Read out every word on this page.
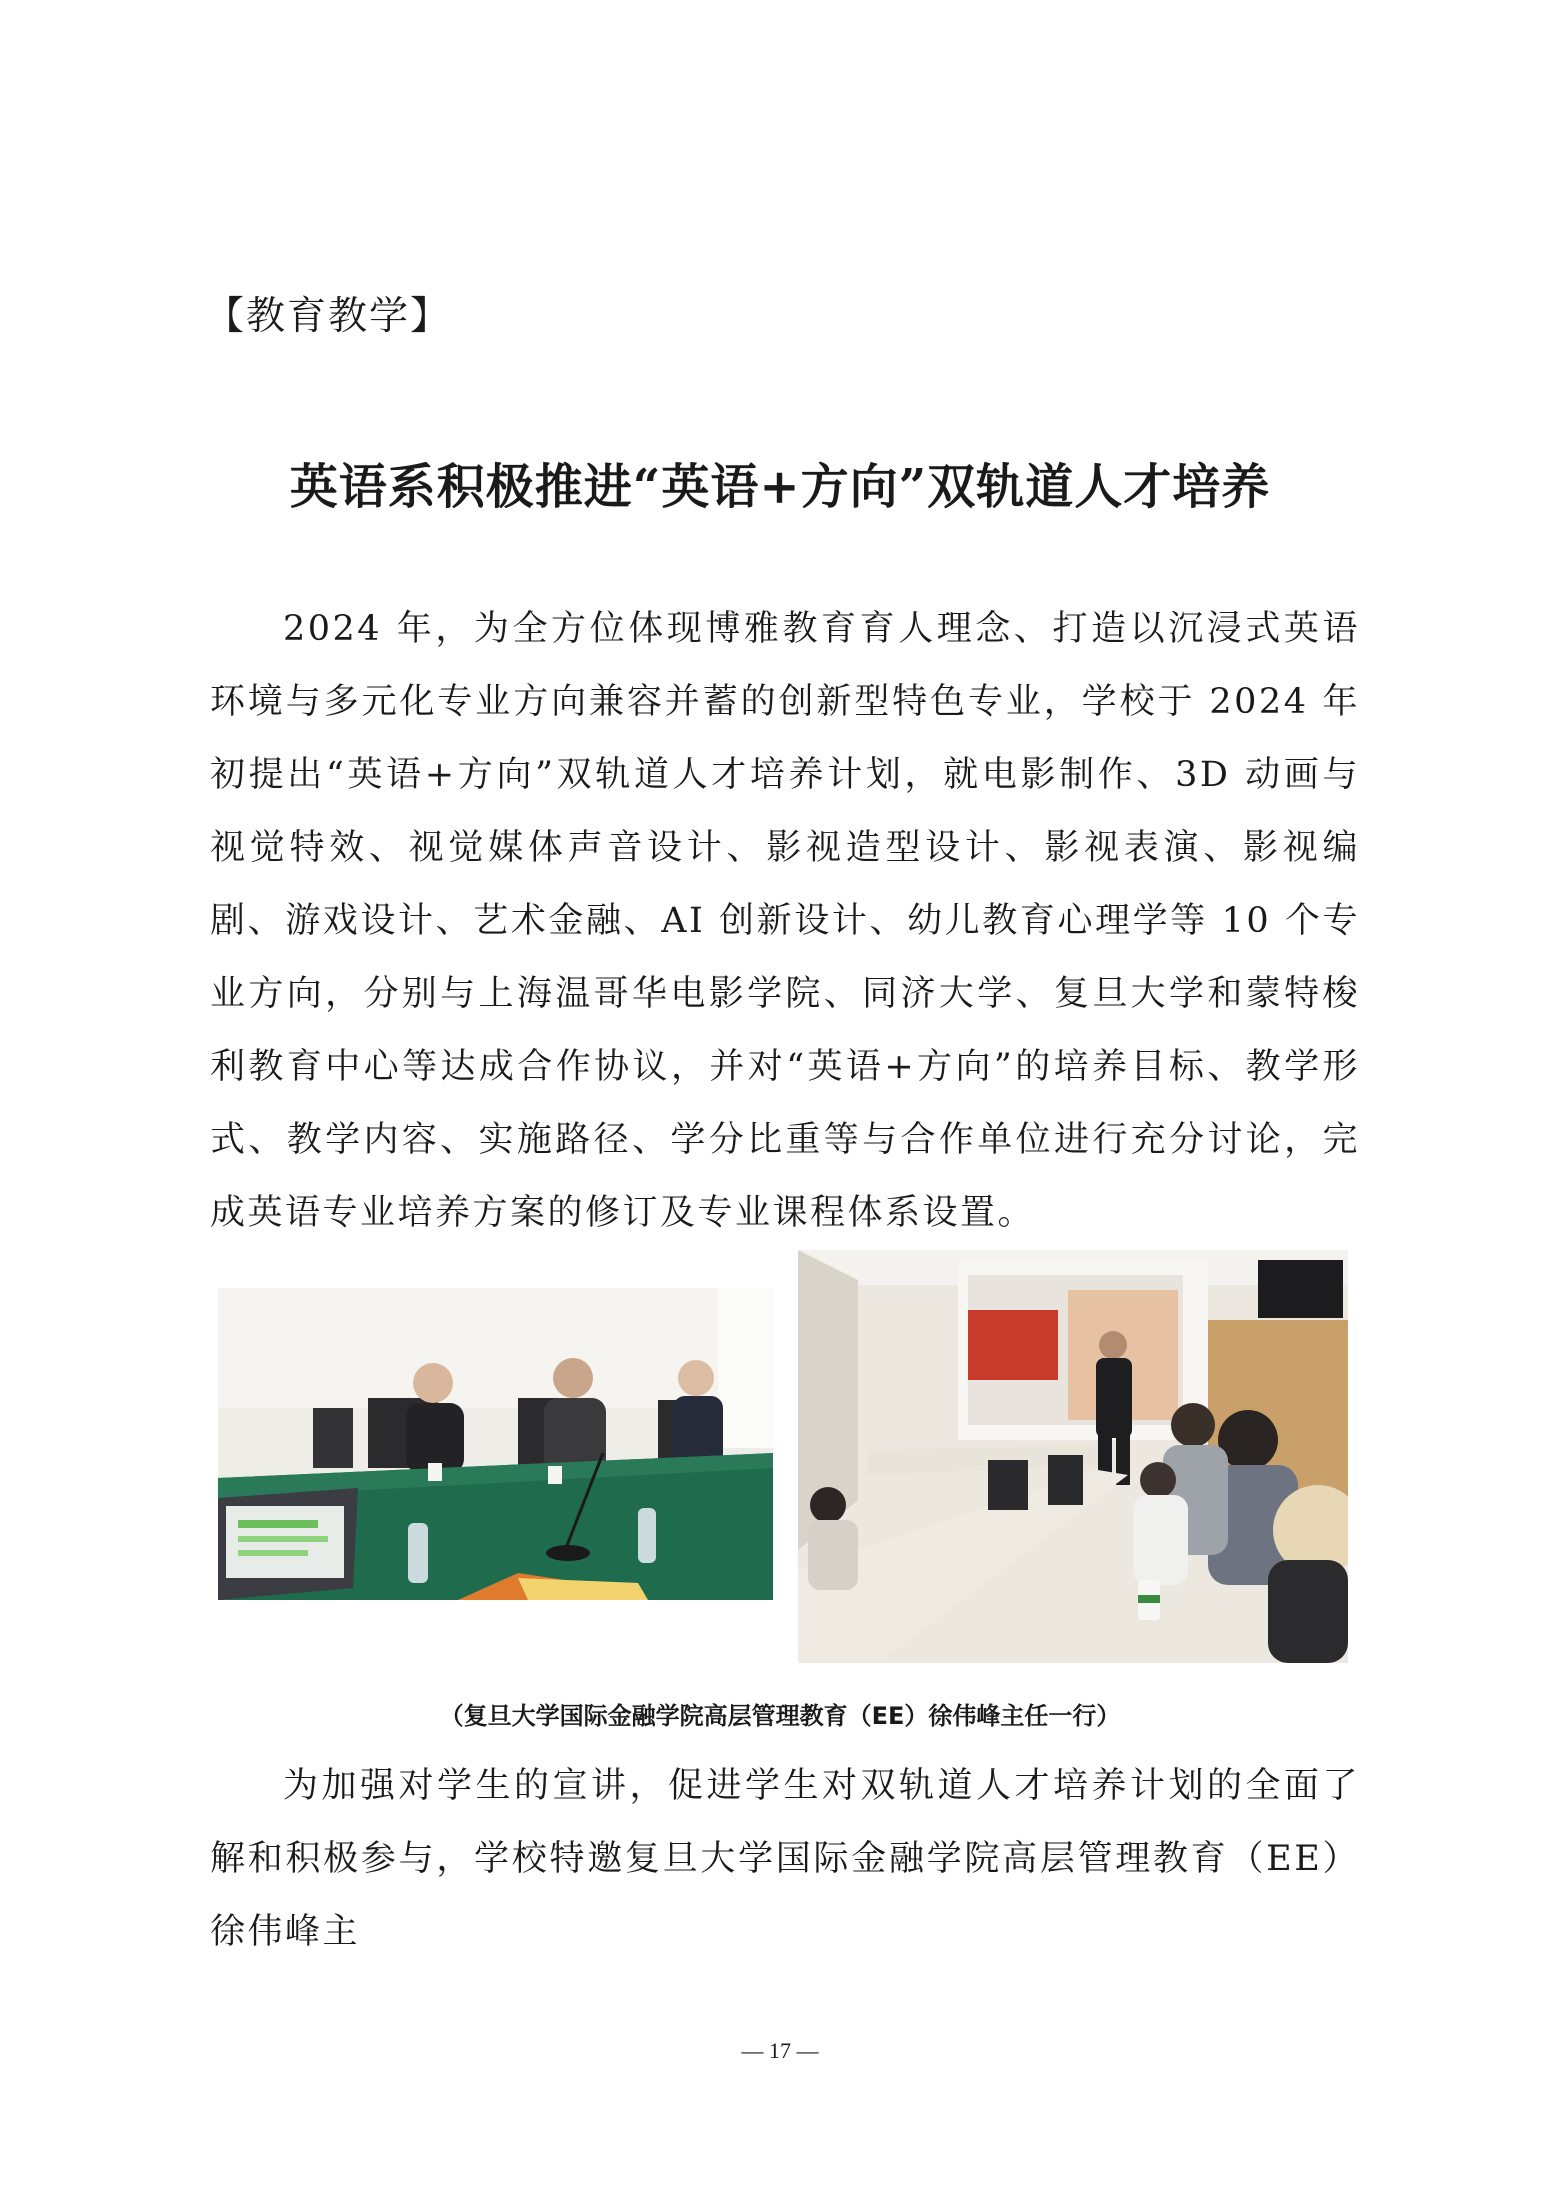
【教育教学】
英语系积极推进“英语+方向”双轨道人才培养

2024 年，为全方位体现博雅教育育人理念、打造以沉浸式英语环境与多元化专业方向兼容并蓄的创新型特色专业，学校于 2024 年初提出“英语+方向”双轨道人才培养计划，就电影制作、3D 动画与视觉特效、视觉媒体声音设计、影视造型设计、影视表演、影视编剧、游戏设计、艺术金融、AI 创新设计、幼儿教育心理学等 10 个专业方向，分别与上海温哥华电影学院、同济大学、复旦大学和蒙特梭利教育中心等达成合作协议，并对“英语+方向”的培养目标、教学形式、教学内容、实施路径、学分比重等与合作单位进行充分讨论，完成英语专业培养方案的修订及专业课程体系设置。

（复旦大学国际金融学院高层管理教育（EE）徐伟峰主任一行）

为加强对学生的宣讲，促进学生对双轨道人才培养计划的全面了解和积极参与，学校特邀复旦大学国际金融学院高层管理教育（EE）徐伟峰主

— 17 —
